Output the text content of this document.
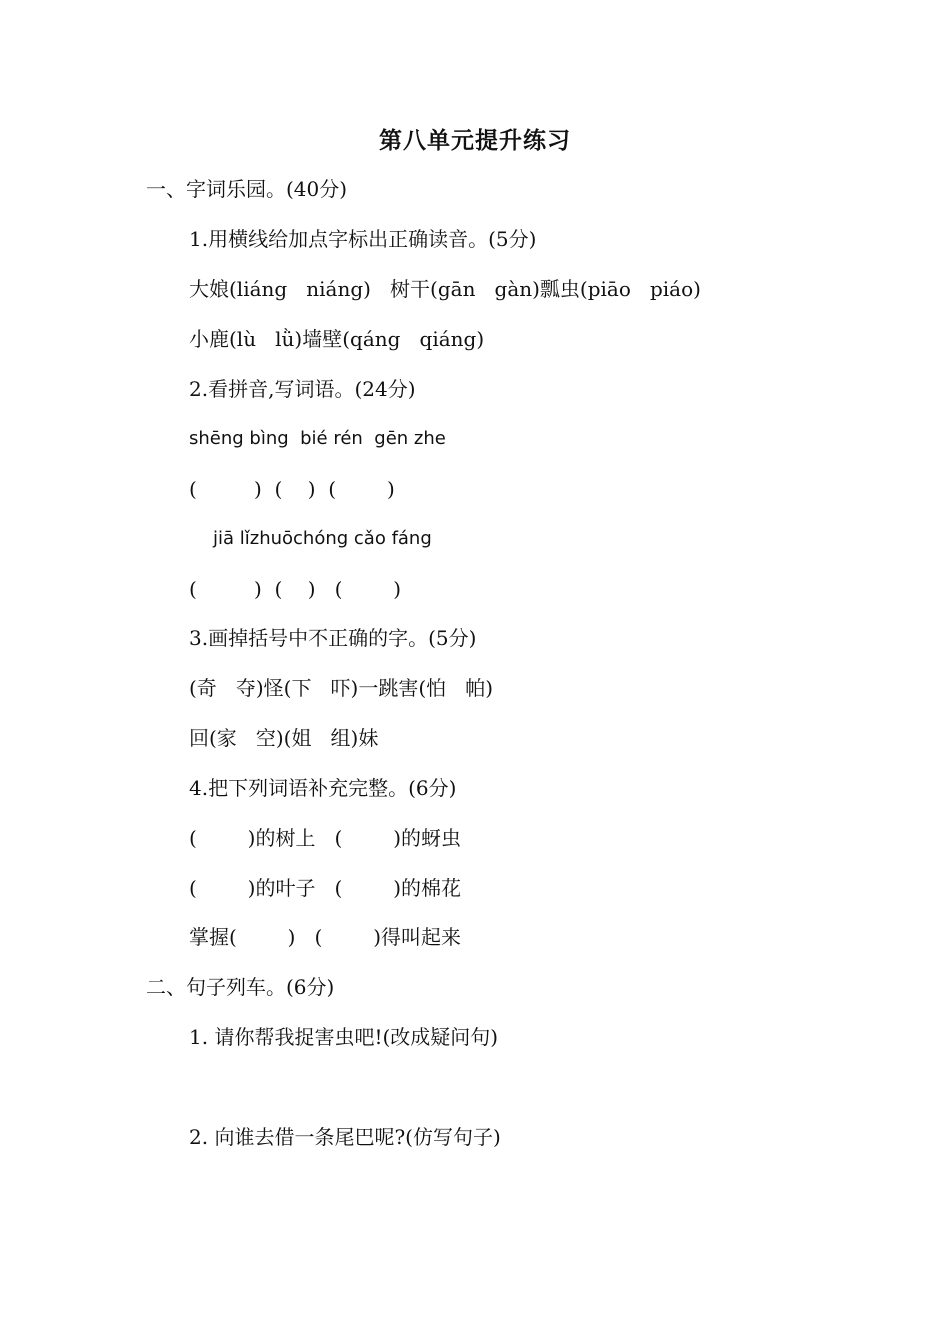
第八单元提升练习
一、字词乐园。(40分)
1.用横线给加点字标出正确读音。(5分)
大娘(liáng   niáng)   树干(gān   gàn)瓢虫(piāo   piáo)
小鹿(lù   lǜ)墙壁(qáng   qiáng)
2.看拼音,写词语。(24分)
shēng bìng  bié rén  gēn zhe
(         )  (    )  (        )
jiā lǐzhuōchóng cǎo fáng
(         )  (    )   (        )
3.画掉括号中不正确的字。(5分)
(奇   夺)怪(下   吓)一跳害(怕   帕)
回(家   空)(姐   组)妹
4.把下列词语补充完整。(6分)
(        )的树上   (        )的蚜虫
(        )的叶子   (        )的棉花
掌握(        )   (        )得叫起来
二、句子列车。(6分)
1. 请你帮我捉害虫吧!(改成疑问句)
2. 向谁去借一条尾巴呢?(仿写句子)
